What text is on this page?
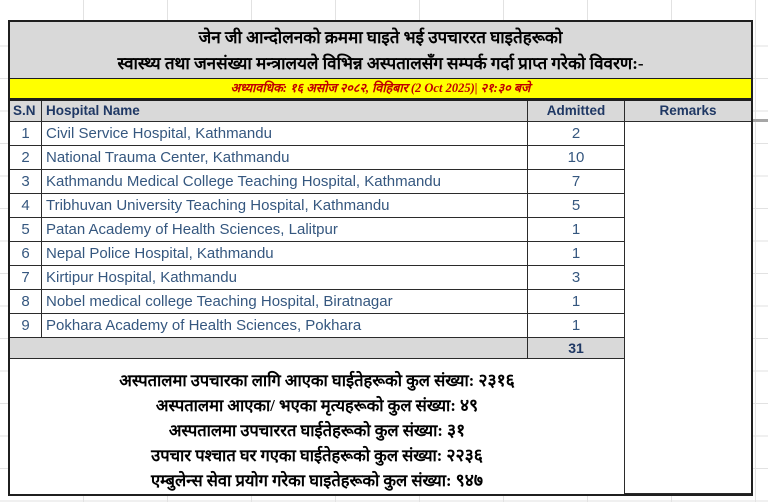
जेन जी आन्दोलनको क्रममा घाइते भई उपचाररत घाइतेहरूको
स्वास्थ्य तथा जनसंख्या मन्त्रालयले विभिन्न अस्पतालसँग सम्पर्क गर्दा प्राप्त गरेको विवरण:-
अध्यावधिक: १६ असोज २०८२, विहिबार (2 Oct 2025)| २१:३० बजे
S.N Hospital Name	Admitted	Remarks
1	Civil Service Hospital, Kathmandu	2
2	National Trauma Center, Kathmandu	10
3	Kathmandu Medical College Teaching Hospital, Kathmandu	7
4	Tribhuvan University Teaching Hospital, Kathmandu	5
5	Patan Academy of Health Sciences, Lalitpur	1
6	Nepal Police Hospital, Kathmandu	1
7	Kirtipur Hospital, Kathmandu	3
8	Nobel medical college Teaching Hospital, Biratnagar	1
9	Pokhara Academy of Health Sciences, Pokhara	1
31
अस्पतालमा उपचारका लागि आएका घाईतेहरूको कुल संख्या: २३१६
अस्पतालमा आएका/ भएका मृत्यहरूको कुल संख्या: ४९
अस्पतालमा उपचाररत घाईतेहरूको कुल संख्या: ३१
उपचार पश्चात घर गएका घाईतेहरूको कुल संख्या: २२३६
एम्बुलेन्स सेवा प्रयोग गरेका घाइतेहरूको कुल संख्या: ९४७
